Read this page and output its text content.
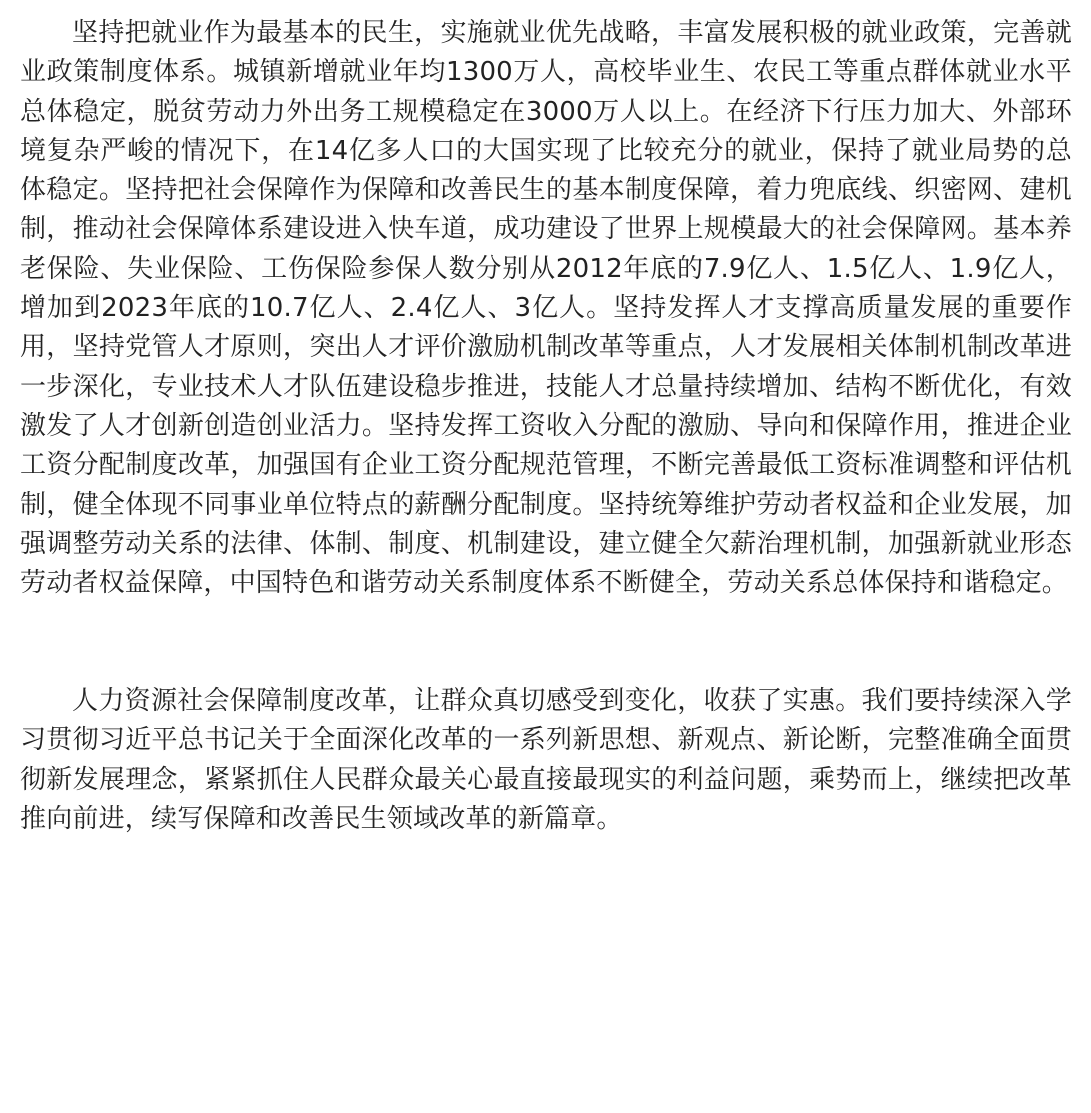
坚持把就业作为最基本的民生，实施就业优先战略，丰富发展积极的就业政策，完善就业政策制度体系。城镇新增就业年均1300万人，高校毕业生、农民工等重点群体就业水平总体稳定，脱贫劳动力外出务工规模稳定在3000万人以上。在经济下行压力加大、外部环境复杂严峻的情况下，在14亿多人口的大国实现了比较充分的就业，保持了就业局势的总体稳定。坚持把社会保障作为保障和改善民生的基本制度保障，着力兜底线、织密网、建机制，推动社会保障体系建设进入快车道，成功建设了世界上规模最大的社会保障网。基本养老保险、失业保险、工伤保险参保人数分别从2012年底的7.9亿人、1.5亿人、1.9亿人，增加到2023年底的10.7亿人、2.4亿人、3亿人。坚持发挥人才支撑高质量发展的重要作用，坚持党管人才原则，突出人才评价激励机制改革等重点，人才发展相关体制机制改革进一步深化，专业技术人才队伍建设稳步推进，技能人才总量持续增加、结构不断优化，有效激发了人才创新创造创业活力。坚持发挥工资收入分配的激励、导向和保障作用，推进企业工资分配制度改革，加强国有企业工资分配规范管理，不断完善最低工资标准调整和评估机制，健全体现不同事业单位特点的薪酬分配制度。坚持统筹维护劳动者权益和企业发展，加强调整劳动关系的法律、体制、制度、机制建设，建立健全欠薪治理机制，加强新就业形态劳动者权益保障，中国特色和谐劳动关系制度体系不断健全，劳动关系总体保持和谐稳定。

人力资源社会保障制度改革，让群众真切感受到变化，收获了实惠。我们要持续深入学习贯彻习近平总书记关于全面深化改革的一系列新思想、新观点、新论断，完整准确全面贯彻新发展理念，紧紧抓住人民群众最关心最直接最现实的利益问题，乘势而上，继续把改革推向前进，续写保障和改善民生领域改革的新篇章。
